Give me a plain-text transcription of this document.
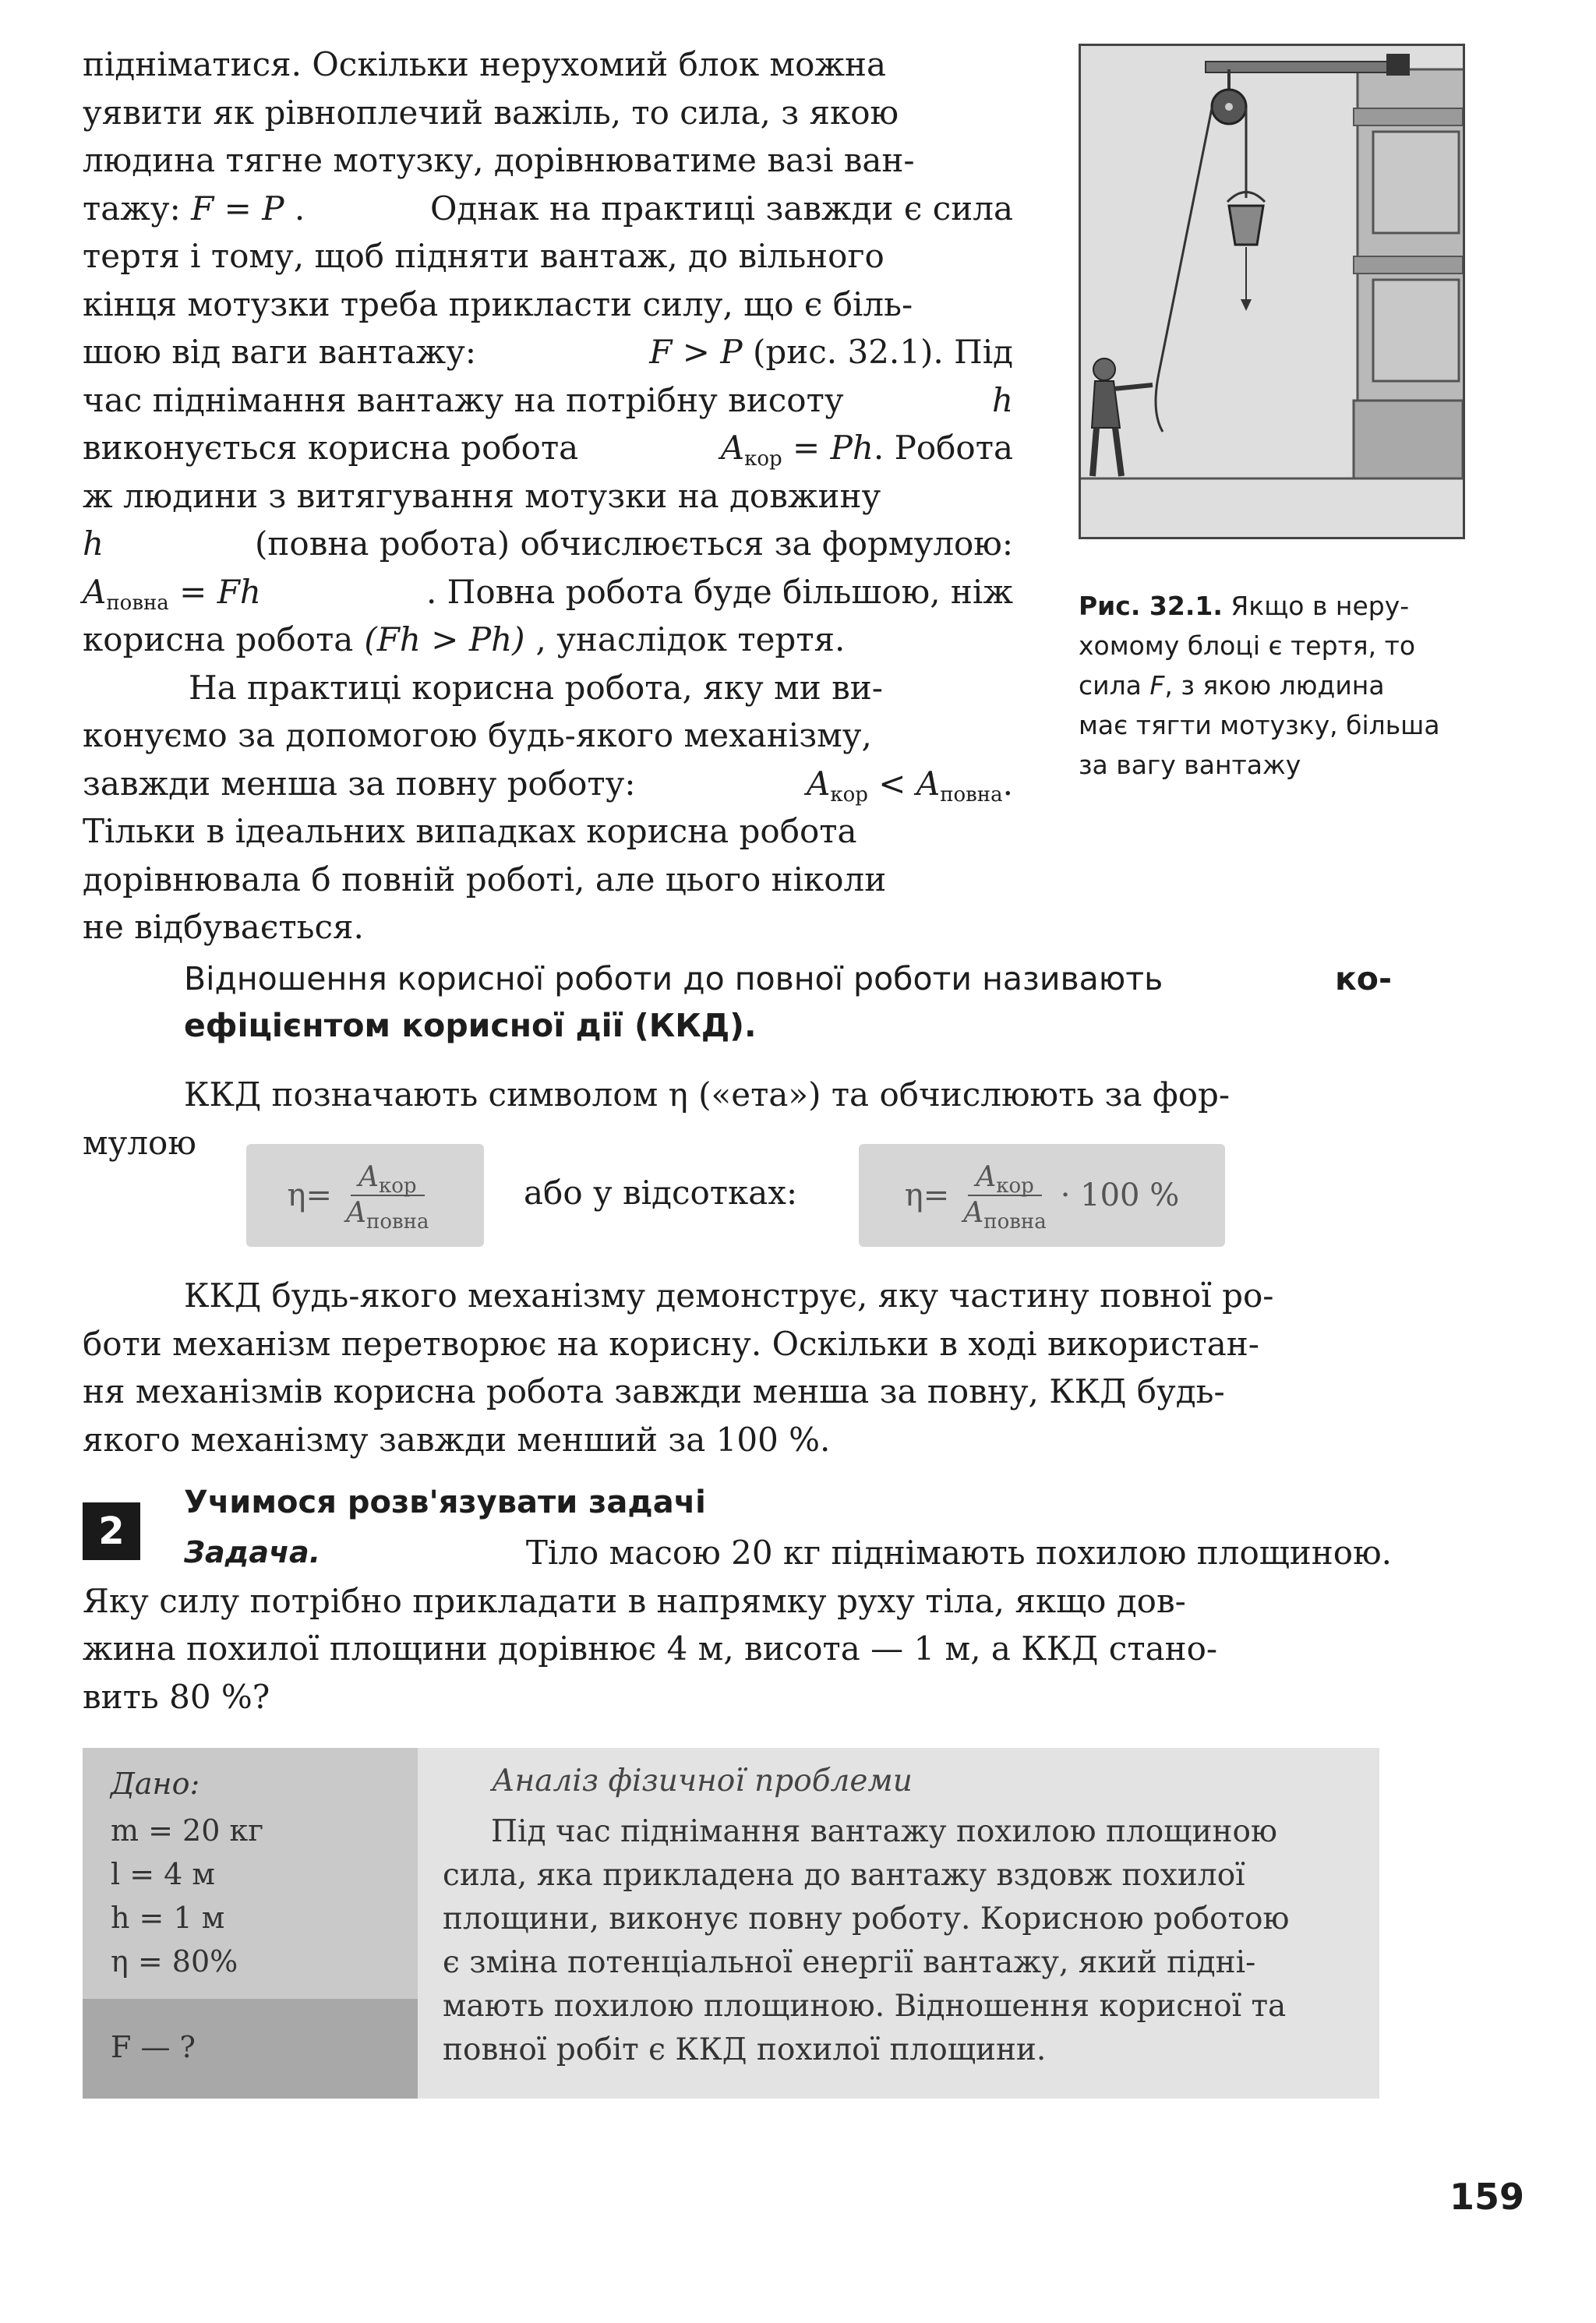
підніматися. Оскільки нерухомий блок можна
уявити як рівноплечий важіль, то сила, з якою
людина тягне мотузку, дорівнюватиме вазі ван-
тажу: F = P .	Однак на практиці завжди є сила
тертя і тому, щоб підняти вантаж, до вільного
кінця мотузки треба прикласти силу, що є біль-
шою від ваги вантажу:	F > P (рис. 32.1). Під
час піднімання вантажу на потрібну висоту	h
виконується корисна робота	$A_{кор} = Ph$. Робота
ж людини з витягування мотузки на довжину
h	(повна робота) обчислюється за формулою:
$A_{повна} = Fh$	. Повна робота буде більшою, ніж
корисна робота (Fh > Ph) , унаслідок тертя.
На практиці корисна робота, яку ми ви-
конуємо за допомогою будь-якого механізму,
завжди менша за повну роботу:	$A_{кор} < A_{повна}$.
Тільки в ідеальних випадках корисна робота
дорівнювала б повній роботі, але цього ніколи
не відбувається.
Рис. 32.1. Якщо в неру-
хомому блоці є тертя, то
сила F, з якою людина
має тягти мотузку, більша
за вагу вантажу
Відношення корисної роботи до повної роботи називають	ко-
ефіцієнтом корисної дії (ККД).
ККД позначають символом η («ета») та обчислюють за фор-
мулою
$\eta = \frac{A_{кор}}{A_{повна}}$	або у відсотках:	$\eta = \frac{A_{кор}}{A_{повна}} \cdot 100$ %
ККД будь-якого механізму демонструє, яку частину повної ро-
боти механізм перетворює на корисну. Оскільки в ході використан-
ня механізмів корисна робота завжди менша за повну, ККД будь-
якого механізму завжди менший за 100 %.
2
Учимося розв'язувати задачі
Задача.	Тіло масою 20 кг піднімають похилою площиною.
Яку силу потрібно прикладати в напрямку руху тіла, якщо дов-
жина похилої площини дорівнює 4 м, висота — 1 м, а ККД стано-
вить 80 %?
Дано:
m = 20 кг
l = 4 м
h = 1 м
η = 80%
F — ?
Аналіз фізичної проблеми
Під час піднімання вантажу похилою площиною
сила, яка прикладена до вантажу вздовж похилої
площини, виконує повну роботу. Корисною роботою
є зміна потенціальної енергії вантажу, який підні-
мають похилою площиною. Відношення корисної та
повної робіт є ККД похилої площини.
159
